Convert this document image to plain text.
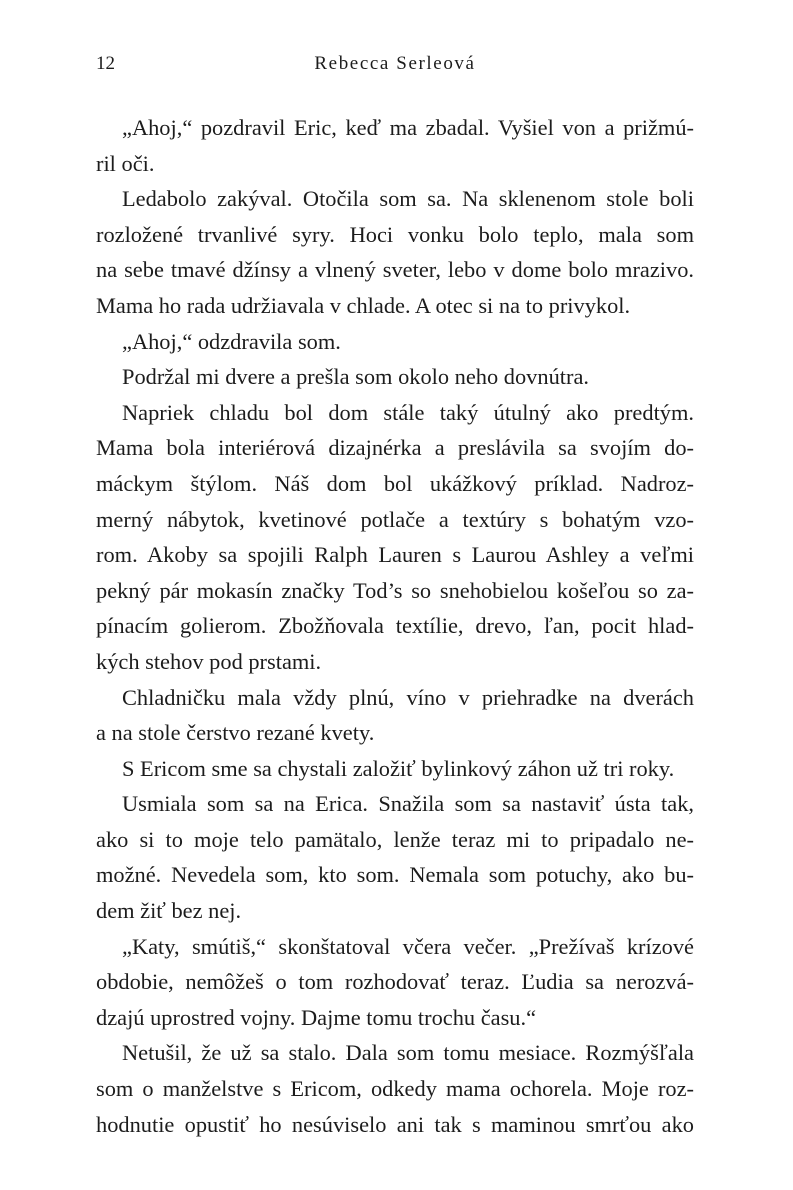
12	Rebecca Serleová
„Ahoj,“ pozdravil Eric, keď ma zbadal. Vyšiel von a prižmú-
ril oči.
Ledabolo zakýval. Otočila som sa. Na sklenenom stole boli
rozložené trvanlivé syry. Hoci vonku bolo teplo, mala som
na sebe tmavé džínsy a vlnený sveter, lebo v dome bolo mrazivo.
Mama ho rada udržiavala v chlade. A otec si na to privykol.
„Ahoj,“ odzdravila som.
Podržal mi dvere a prešla som okolo neho dovnútra.
Napriek chladu bol dom stále taký útulný ako predtým.
Mama bola interiérová dizajnérka a preslávila sa svojím do-
máckym štýlom. Náš dom bol ukážkový príklad. Nadroz-
merný nábytok, kvetinové potlače a textúry s bohatým vzo-
rom. Akoby sa spojili Ralph Lauren s Laurou Ashley a veľmi
pekný pár mokasín značky Tod’s so snehobielou košeľou so za-
pínacím golierom. Zbožňovala textílie, drevo, ľan, pocit hlad-
kých stehov pod prstami.
Chladničku mala vždy plnú, víno v priehradke na dverách
a na stole čerstvo rezané kvety.
S Ericom sme sa chystali založiť bylinkový záhon už tri roky.
Usmiala som sa na Erica. Snažila som sa nastaviť ústa tak,
ako si to moje telo pamätalo, lenže teraz mi to pripadalo ne-
možné. Nevedela som, kto som. Nemala som potuchy, ako bu-
dem žiť bez nej.
„Katy, smútiš,“ skonštatoval včera večer. „Prežívaš krízové
obdobie, nemôžeš o tom rozhodovať teraz. Ľudia sa nerozvá-
dzajú uprostred vojny. Dajme tomu trochu času.“
Netušil, že už sa stalo. Dala som tomu mesiace. Rozmýšľala
som o manželstve s Ericom, odkedy mama ochorela. Moje roz-
hodnutie opustiť ho nesúviselo ani tak s maminou smrťou ako
